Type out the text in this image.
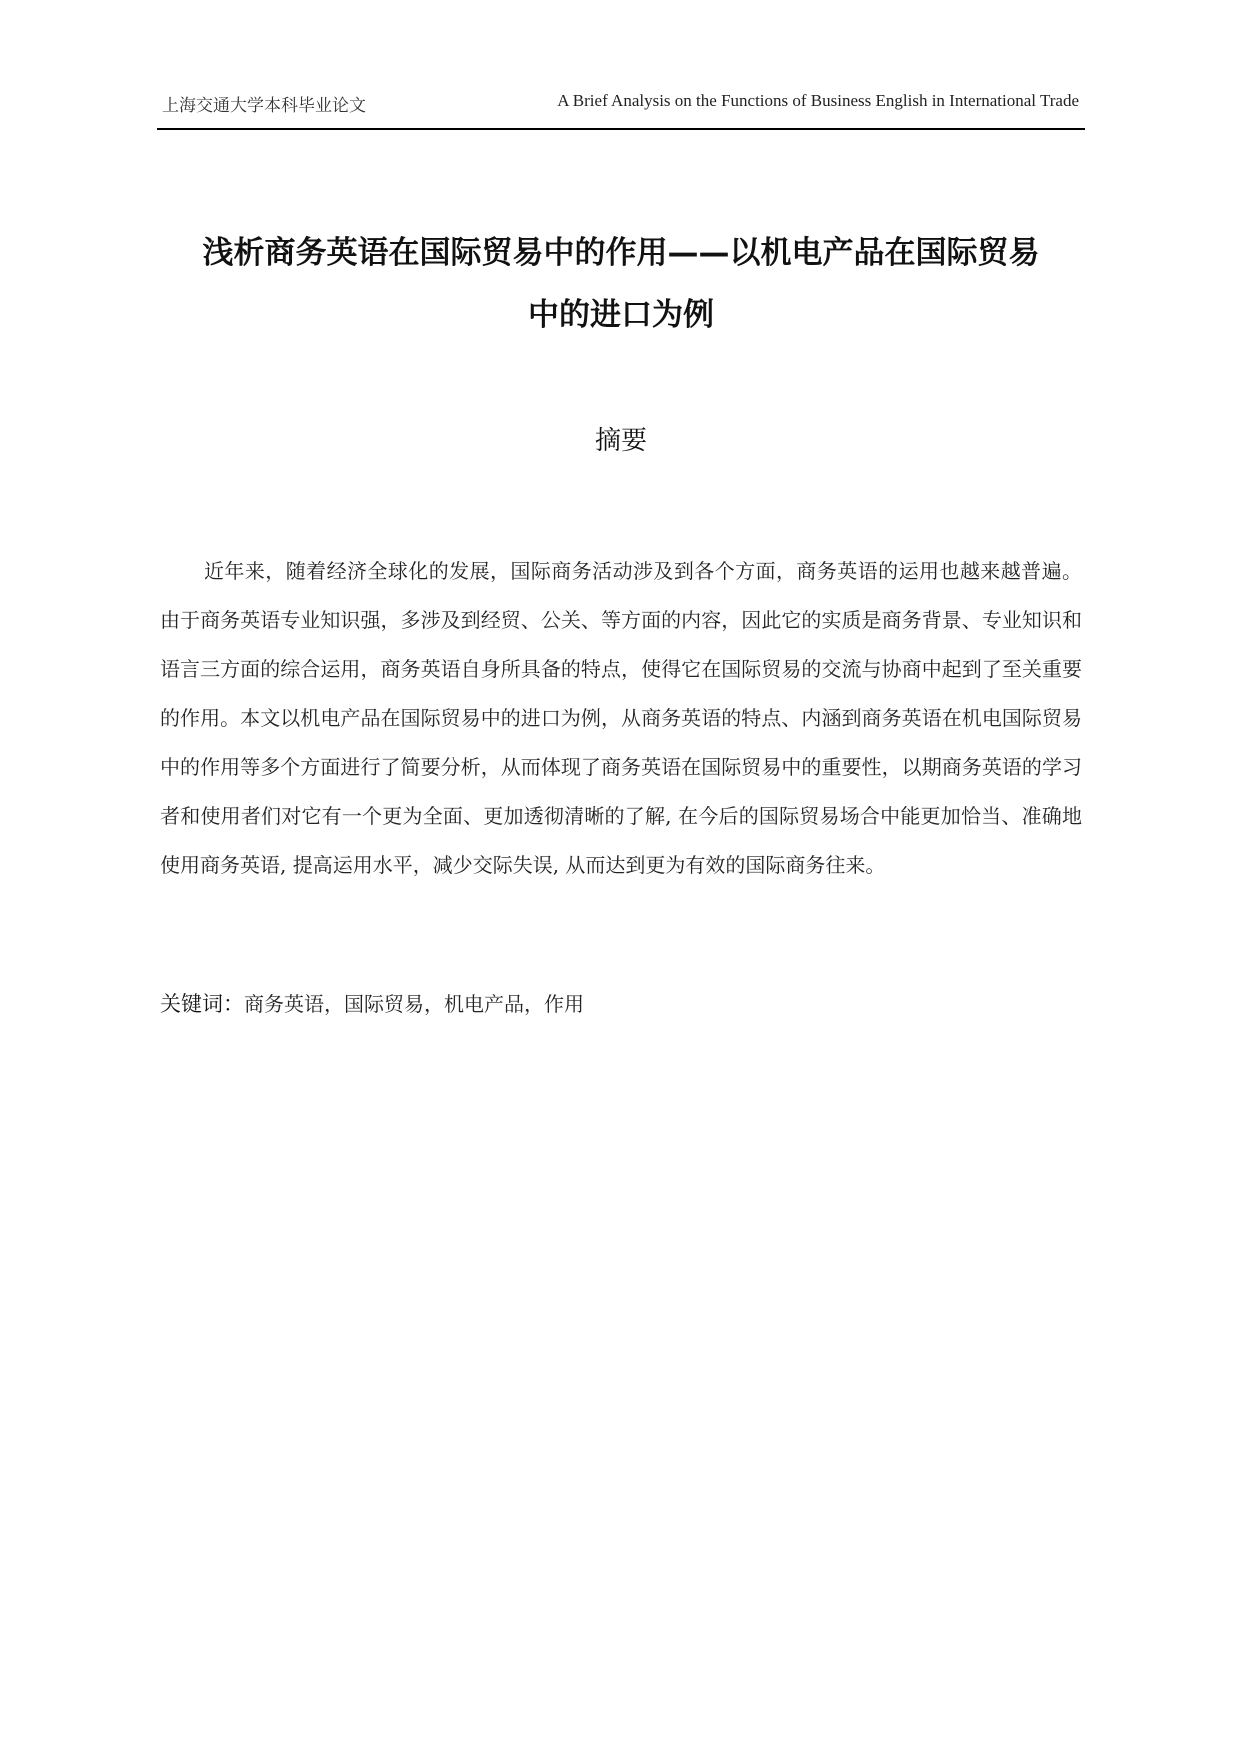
上海交通大学本科毕业论文	A Brief Analysis on the Functions of Business English in International Trade
浅析商务英语在国际贸易中的作用——以机电产品在国际贸易
中的进口为例
摘要

近年来，随着经济全球化的发展，国际商务活动涉及到各个方面，商务英语的运用也越来越普遍。由于商务英语专业知识强，多涉及到经贸、公关、等方面的内容，因此它的实质是商务背景、专业知识和语言三方面的综合运用，商务英语自身所具备的特点，使得它在国际贸易的交流与协商中起到了至关重要的作用。本文以机电产品在国际贸易中的进口为例，从商务英语的特点、内涵到商务英语在机电国际贸易中的作用等多个方面进行了简要分析，从而体现了商务英语在国际贸易中的重要性，以期商务英语的学习者和使用者们对它有一个更为全面、更加透彻清晰的了解, 在今后的国际贸易场合中能更加恰当、准确地使用商务英语, 提高运用水平，减少交际失误, 从而达到更为有效的国际商务往来。

关键词：商务英语，国际贸易，机电产品，作用
